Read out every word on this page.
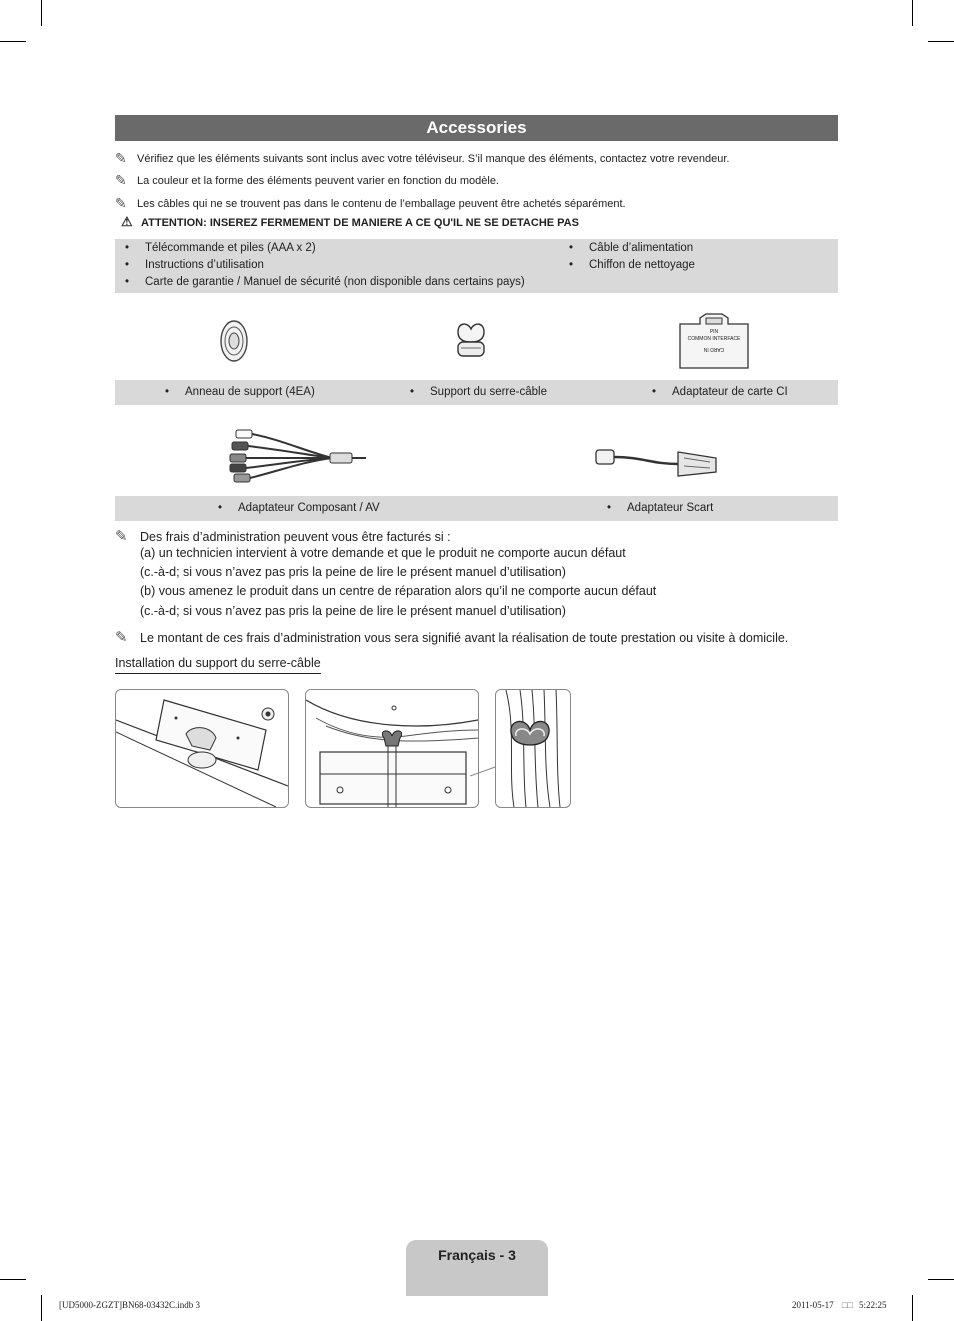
Accessories
✎ Vérifiez que les éléments suivants sont inclus avec votre téléviseur. S’il manque des éléments, contactez votre revendeur.
✎ La couleur et la forme des éléments peuvent varier en fonction du modèle.
✎ Les câbles qui ne se trouvent pas dans le contenu de l’emballage peuvent être achetés séparément.
⚠ ATTENTION: INSEREZ FERMEMENT DE MANIERE A CE QU'IL NE SE DETACHE PAS
• Télécommande et piles (AAA x 2)
• Instructions d’utilisation
• Carte de garantie / Manuel de sécurité (non disponible dans certains pays)
• Câble d’alimentation
• Chiffon de nettoyage
PIN
COMMON INTERFACE
CARD IN
• Anneau de support (4EA)	• Support du serre-câble	• Adaptateur de carte CI
• Adaptateur Composant / AV	• Adaptateur Scart
✎ Des frais d’administration peuvent vous être facturés si :
(a) un technicien intervient à votre demande et que le produit ne comporte aucun défaut
(c.-à-d; si vous n’avez pas pris la peine de lire le présent manuel d’utilisation)
(b) vous amenez le produit dans un centre de réparation alors qu’il ne comporte aucun défaut
(c.-à-d; si vous n’avez pas pris la peine de lire le présent manuel d’utilisation)
✎ Le montant de ces frais d’administration vous sera signifié avant la réalisation de toute prestation ou visite à domicile.
Installation du support du serre-câble
Français - 3
[UD5000-ZGZT]BN68-03432C.indb 3	2011-05-17 □□ 5:22:25
